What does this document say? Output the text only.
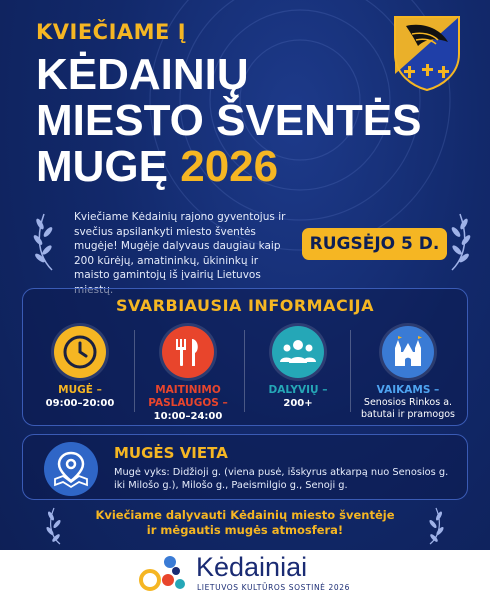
KVIEČIAME Į
KĖDAINIŲ
MIESTO ŠVENTĖS
MUGĘ 2026
Kviečiame Kėdainių rajono gyventojus ir svečius apsilankyti miesto šventės mugėje! Mugėje dalyvaus daugiau kaip 200 kūrėjų, amatininkų, ūkininkų ir maisto gamintojų iš įvairių Lietuvos miestų.
RUGSĖJO 5 D.
SVARBIAUSIA INFORMACIJA
MUGĖ –
09:00–20:00
MAITINIMO
PASLAUGOS –
10:00–24:00
DALYVIŲ –
200+
VAIKAMS –
Senosios Rinkos a.
batutai ir pramogos
MUGĖS VIETA
Mugė vyks: Didžioji g. (viena pusė, išskyrus atkarpą nuo Senosios g. iki Milošo g.), Milošo g., Paeismilgio g., Senoji g.
Kviečiame dalyvauti Kėdainių miesto šventėje
ir mėgautis mugės atmosfera!
Kėdainiai
LIETUVOS KULTŪROS SOSTINĖ 2026
